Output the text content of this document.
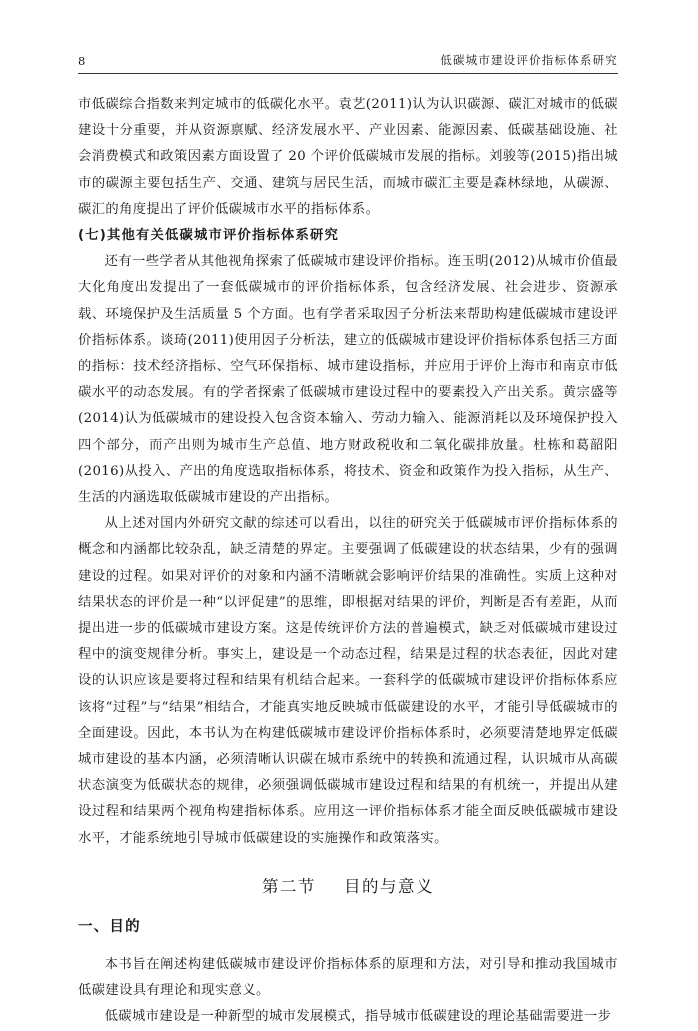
8	低碳城市建设评价指标体系研究

市低碳综合指数来判定城市的低碳化水平。袁艺(2011)认为认识碳源、碳汇对城市的低碳建设十分重要，并从资源禀赋、经济发展水平、产业因素、能源因素、低碳基础设施、社会消费模式和政策因素方面设置了 20 个评价低碳城市发展的指标。刘骏等(2015)指出城市的碳源主要包括生产、交通、建筑与居民生活，而城市碳汇主要是森林绿地，从碳源、碳汇的角度提出了评价低碳城市水平的指标体系。

(七)其他有关低碳城市评价指标体系研究

还有一些学者从其他视角探索了低碳城市建设评价指标。连玉明(2012)从城市价值最大化角度出发提出了一套低碳城市的评价指标体系，包含经济发展、社会进步、资源承载、环境保护及生活质量 5 个方面。也有学者采取因子分析法来帮助构建低碳城市建设评价指标体系。谈琦(2011)使用因子分析法，建立的低碳城市建设评价指标体系包括三方面的指标：技术经济指标、空气环保指标、城市建设指标，并应用于评价上海市和南京市低碳水平的动态发展。有的学者探索了低碳城市建设过程中的要素投入产出关系。黄宗盛等(2014)认为低碳城市的建设投入包含资本输入、劳动力输入、能源消耗以及环境保护投入四个部分，而产出则为城市生产总值、地方财政税收和二氧化碳排放量。杜栋和葛韶阳(2016)从投入、产出的角度选取指标体系，将技术、资金和政策作为投入指标，从生产、生活的内涵选取低碳城市建设的产出指标。

从上述对国内外研究文献的综述可以看出，以往的研究关于低碳城市评价指标体系的概念和内涵都比较杂乱，缺乏清楚的界定。主要强调了低碳建设的状态结果，少有的强调建设的过程。如果对评价的对象和内涵不清晰就会影响评价结果的准确性。实质上这种对结果状态的评价是一种“以评促建”的思维，即根据对结果的评价，判断是否有差距，从而提出进一步的低碳城市建设方案。这是传统评价方法的普遍模式，缺乏对低碳城市建设过程中的演变规律分析。事实上，建设是一个动态过程，结果是过程的状态表征，因此对建设的认识应该是要将过程和结果有机结合起来。一套科学的低碳城市建设评价指标体系应该将“过程”与“结果”相结合，才能真实地反映城市低碳建设的水平，才能引导低碳城市的全面建设。因此，本书认为在构建低碳城市建设评价指标体系时，必须要清楚地界定低碳城市建设的基本内涵，必须清晰认识碳在城市系统中的转换和流通过程，认识城市从高碳状态演变为低碳状态的规律，必须强调低碳城市建设过程和结果的有机统一，并提出从建设过程和结果两个视角构建指标体系。应用这一评价指标体系才能全面反映低碳城市建设水平，才能系统地引导城市低碳建设的实施操作和政策落实。

第二节 目的与意义

一、目的

本书旨在阐述构建低碳城市建设评价指标体系的原理和方法，对引导和推动我国城市低碳建设具有理论和现实意义。

低碳城市建设是一种新型的城市发展模式，指导城市低碳建设的理论基础需要进一步
